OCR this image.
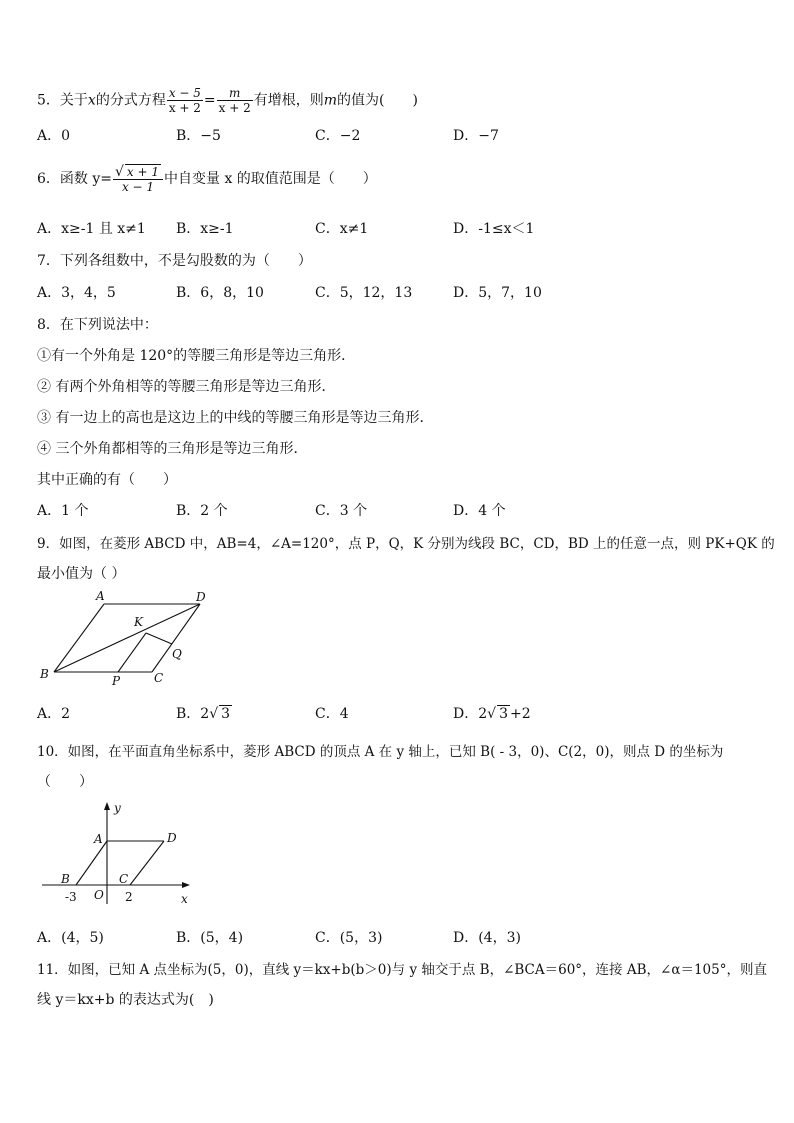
5．关于x的分式方程 $\frac{x - 5}{x + 2} = \frac{m}{x + 2}$ 有增根，则m的值为(　　)
A．0	B．−5	C．−2	D．−7
6．函数 $y= \frac{√ x + 1}{x - 1}$ 中自变量 x 的取值范围是（　　）
A．x≥-1 且 x≠1 B．x≥-1	C．x≠1	D．-1≤x＜1
7．下列各组数中，不是勾股数的为（　　）
A．3，4，5	B．6，8，10	C．5，12，13	D．5，7，10
8．在下列说法中：
①有一个外角是 120°的等腰三角形是等边三角形．
② 有两个外角相等的等腰三角形是等边三角形．
③ 有一边上的高也是这边上的中线的等腰三角形是等边三角形．
④ 三个外角都相等的三角形是等边三角形．
其中正确的有（　　）
A．1 个	B．2 个	C．3 个	D．4 个
9．如图，在菱形 ABCD 中，AB=4，∠A=120°，点 P，Q，K 分别为线段 BC，CD，BD 上的任意一点，则 PK+QK 的
最小值为（ ）
A	D
K
Q
B	P	C
A．2	B．2√ 3	C．4	D．2√ 3 +2
10．如图，在平面直角坐标系中，菱形 ABCD 的顶点 A 在 y 轴上，已知 B( - 3，0)、C(2，0)，则点 D 的坐标为
（　　）
y
A	D
B	C
O	x
-3	2
A．(4，5)	B．(5，4)	C．(5，3)	D．(4，3)
11．如图，已知 A 点坐标为(5，0)，直线 y＝kx+b(b＞0)与 y 轴交于点 B，∠BCA＝60°，连接 AB，∠α＝105°，则直
线 y＝kx+b 的表达式为(　)
